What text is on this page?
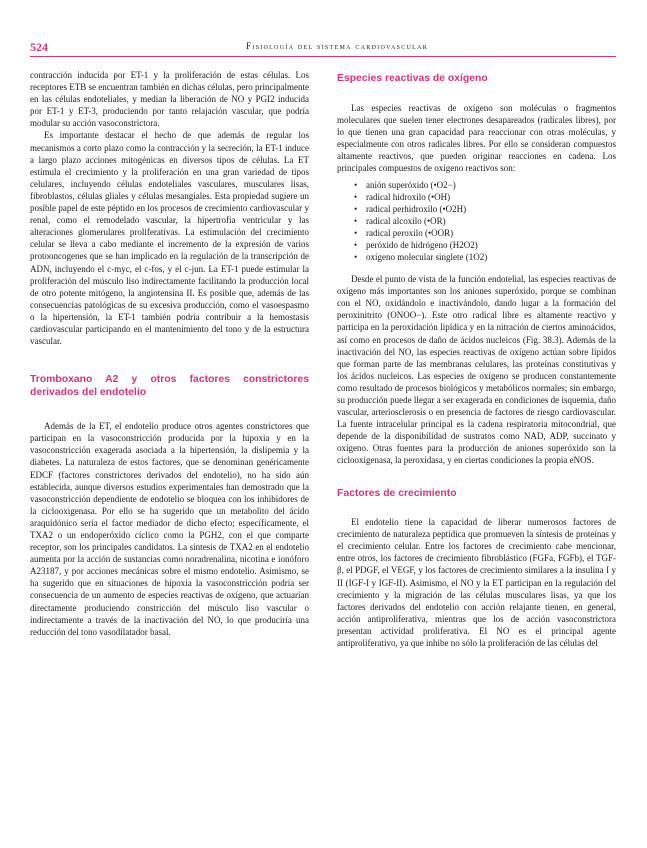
524	Fisiología del sistema cardiovascular

contracción inducida por ET-1 y la proliferación de estas células. Los receptores ETB se encuentran también en dichas células, pero principalmente en las células endoteliales, y median la liberación de NO y PGI2 inducida por ET-1 y ET-3, produciendo por tanto relajación vascular, que podría modular su acción vasoconstrictora.

Es importante destacar el hecho de que además de regular los mecanismos a corto plazo como la contracción y la secreción, la ET-1 induce a largo plazo acciones mitogénicas en diversos tipos de células. La ET estimula el crecimiento y la proliferación en una gran variedad de tipos celulares, incluyendo células endoteliales vasculares, musculares lisas, fibroblastos, células gliales y células mesangiales. Esta propiedad sugiere un posible papel de este péptido en los procesos de crecimiento cardiovascular y renal, como el remodelado vascular, la hipertrofia ventricular y las alteraciones glomerulares proliferativas. La estimulación del crecimiento celular se lleva a cabo mediante el incremento de la expresión de varios protooncogenes que se han implicado en la regulación de la transcripción de ADN, incluyendo el c-myc, el c-fos, y el c-jun. La ET-1 puede estimular la proliferación del músculo liso indirectamente facilitando la producción local de otro potente mitógeno, la angiotensina II. Es posible que, además de las consecuencias patológicas de su excesiva producción, como el vasoespasmo o la hipertensión, la ET-1 también podría contribuir a la hemostasis cardiovascular participando en el mantenimiento del tono y de la estructura vascular.

Tromboxano A2 y otros factores constrictores derivados del endotelio

Además de la ET, el endotelio produce otros agentes constrictores que participan en la vasoconstricción producida por la hipoxia y en la vasoconstricción exagerada asociada a la hipertensión, la dislipemia y la diabetes. La naturaleza de estos factores, que se denominan genéricamente EDCF (factores constrictores derivados del endotelio), no ha sido aún establecida, aunque diversos estudios experimentales han demostrado que la vasoconstricción dependiente de endotelio se bloquea con los inhibidores de la ciclooxigenasa. Por ello se ha sugerido que un metabolito del ácido araquidónico sería el factor mediador de dicho efecto; específicamente, el TXA2 o un endoperóxido cíclico como la PGH2, con el que comparte receptor, son los principales candidatos. La síntesis de TXA2 en el endotelio aumenta por la acción de sustancias como noradrenalina, nicotina e ionóforo A23187, y por acciones mecánicas sobre el mismo endotelio. Asimismo, se ha sugerido que en situaciones de hipoxia la vasoconstricción podría ser consecuencia de un aumento de especies reactivas de oxígeno, que actuarían directamente produciendo constricción del músculo liso vascular o indirectamente a través de la inactivación del NO, lo que produciría una reducción del tono vasodilatador basal.

Especies reactivas de oxígeno

Las especies reactivas de oxígeno son moléculas o fragmentos moleculares que suelen tener electrones desapareados (radicales libres), por lo que tienen una gran capacidad para reaccionar con otras moléculas, y especialmente con otros radicales libres. Por ello se consideran compuestos altamente reactivos, que pueden originar reacciones en cadena. Los principales compuestos de oxígeno reactivos son:

• anión superóxido (•O2−)
• radical hidroxilo (•OH)
• radical perhidroxilo (•O2H)
• radical alcoxilo (•OR)
• radical peroxilo (•OOR)
• peróxido de hidrógeno (H2O2)
• oxígeno molecular singlete (1O2)

Desde el punto de vista de la función endotelial, las especies reactivas de oxígeno más importantes son los aniones superóxido, porque se combinan con el NO, oxidándolo e inactivándolo, dando lugar a la formación del peroxinitrito (ONOO−). Este otro radical libre es altamente reactivo y participa en la peroxidación lipídica y en la nitración de ciertos aminoácidos, así como en procesos de daño de ácidos nucleicos (Fig. 38.3). Además de la inactivación del NO, las especies reactivas de oxígeno actúan sobre lípidos que forman parte de las membranas celulares, las proteínas constitutivas y los ácidos nucleicos. Las especies de oxígeno se producen constantemente como resultado de procesos biológicos y metabólicos normales; sin embargo, su producción puede llegar a ser exagerada en condiciones de isquemia, daño vascular, arteriosclerosis o en presencia de factores de riesgo cardiovascular. La fuente intracelular principal es la cadena respiratoria mitocondrial, que depende de la disponibilidad de sustratos como NAD, ADP, succinato y oxígeno. Otras fuentes para la producción de aniones superóxido son la ciclooxigenasa, la peroxidasa, y en ciertas condiciones la propia eNOS.

Factores de crecimiento

El endotelio tiene la capacidad de liberar numerosos factores de crecimiento de naturaleza peptídica que promueven la síntesis de proteínas y el crecimiento celular. Entre los factores de crecimiento cabe mencionar, entre otros, los factores de crecimiento fibroblástico (FGFa, FGFb), el TGF-β, el PDGF, el VEGF, y los factores de crecimiento similares a la insulina I y II (IGF-I y IGF-II). Asimismo, el NO y la ET participan en la regulación del crecimiento y la migración de las células musculares lisas, ya que los factores derivados del endotelio con acción relajante tienen, en general, acción antiproliferativa, mientras que los de acción vasoconstrictora presentan actividad proliferativa. El NO es el principal agente antiproliferativo, ya que inhibe no sólo la proliferación de las células del
